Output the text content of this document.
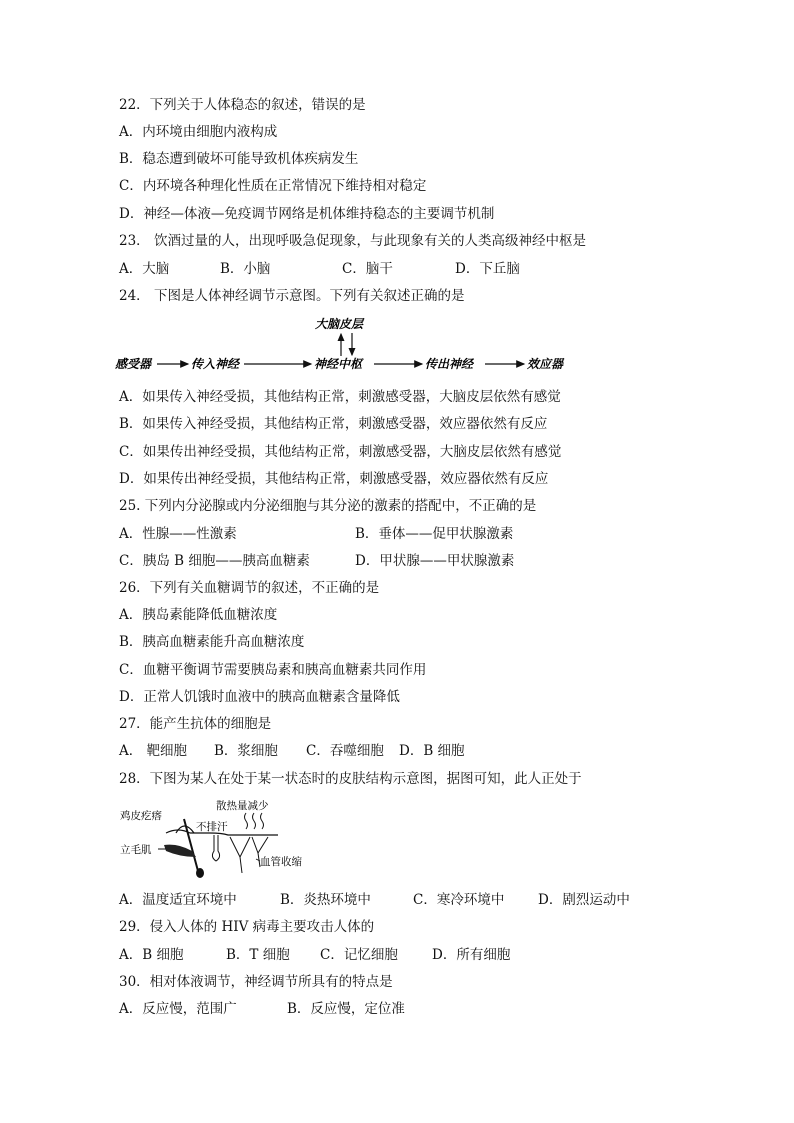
22．下列关于人体稳态的叙述，错误的是
A．内环境由细胞内液构成
B．稳态遭到破坏可能导致机体疾病发生
C．内环境各种理化性质在正常情况下维持相对稳定
D．神经—体液—免疫调节网络是机体维持稳态的主要调节机制
23． 饮酒过量的人，出现呼吸急促现象，与此现象有关的人类高级神经中枢是
A．大脑	B．小脑	C．脑干	D．下丘脑
24． 下图是人体神经调节示意图。下列有关叙述正确的是
大脑皮层
感受器	传入神经	神经中枢	传出神经	效应器
A．如果传入神经受损，其他结构正常，刺激感受器，大脑皮层依然有感觉
B．如果传入神经受损，其他结构正常，刺激感受器，效应器依然有反应
C．如果传出神经受损，其他结构正常，刺激感受器，大脑皮层依然有感觉
D．如果传出神经受损，其他结构正常，刺激感受器，效应器依然有反应
25. 下列内分泌腺或内分泌细胞与其分泌的激素的搭配中，不正确的是
A．性腺——性激素	B．垂体——促甲状腺激素
C．胰岛 B 细胞——胰高血糖素	D．甲状腺——甲状腺激素
26．下列有关血糖调节的叙述，不正确的是
A．胰岛素能降低血糖浓度
B．胰高血糖素能升高血糖浓度
C．血糖平衡调节需要胰岛素和胰高血糖素共同作用
D．正常人饥饿时血液中的胰高血糖素含量降低
27．能产生抗体的细胞是
A． 靶细胞 B．浆细胞 C．吞噬细胞 D．B 细胞
28．下图为某人在处于某一状态时的皮肤结构示意图，据图可知，此人正处于
鸡皮疙瘩
散热量减少
不排汗
立毛肌
血管收缩
A．温度适宜环境中	B．炎热环境中	C．寒冷环境中 D．剧烈运动中
29．侵入人体的 HIV 病毒主要攻击人体的
A．B 细胞	B．T 细胞 C．记忆细胞	D．所有细胞
30．相对体液调节，神经调节所具有的特点是
A．反应慢，范围广	B．反应慢，定位准
